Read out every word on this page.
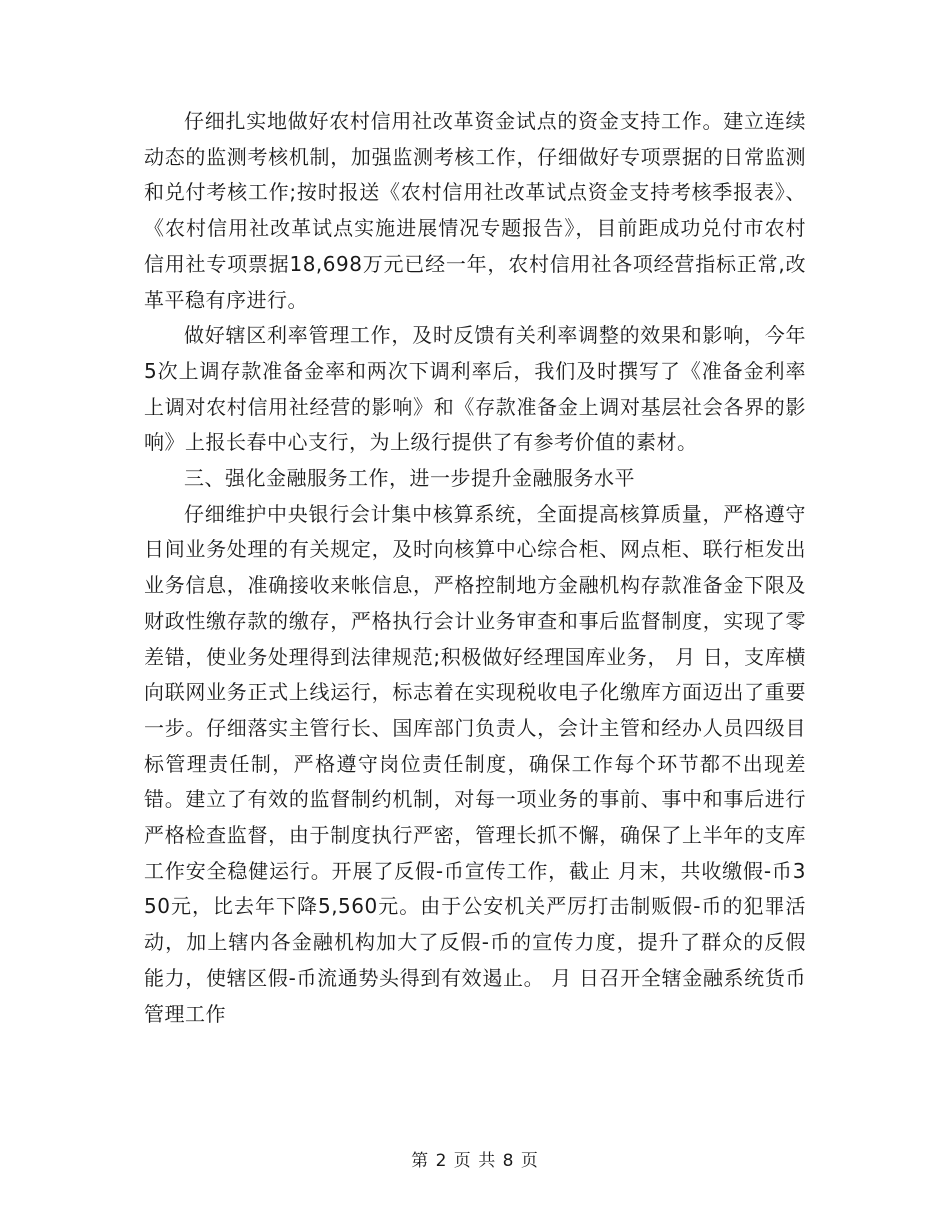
仔细扎实地做好农村信用社改革资金试点的资金支持工作。建立连续动态的监测考核机制，加强监测考核工作，仔细做好专项票据的日常监测和兑付考核工作;按时报送《农村信用社改革试点资金支持考核季报表》、《农村信用社改革试点实施进展情况专题报告》，目前距成功兑付市农村信用社专项票据18,698万元已经一年，农村信用社各项经营指标正常,改革平稳有序进行。

做好辖区利率管理工作，及时反馈有关利率调整的效果和影响，今年5次上调存款准备金率和两次下调利率后，我们及时撰写了《准备金利率上调对农村信用社经营的影响》和《存款准备金上调对基层社会各界的影响》上报长春中心支行，为上级行提供了有参考价值的素材。

三、强化金融服务工作，进一步提升金融服务水平

仔细维护中央银行会计集中核算系统，全面提高核算质量，严格遵守日间业务处理的有关规定，及时向核算中心综合柜、网点柜、联行柜发出业务信息，准确接收来帐信息，严格控制地方金融机构存款准备金下限及财政性缴存款的缴存，严格执行会计业务审查和事后监督制度，实现了零差错，使业务处理得到法律规范;积极做好经理国库业务， 月 日，支库横向联网业务正式上线运行，标志着在实现税收电子化缴库方面迈出了重要一步。仔细落实主管行长、国库部门负责人，会计主管和经办人员四级目标管理责任制，严格遵守岗位责任制度，确保工作每个环节都不出现差错。建立了有效的监督制约机制，对每一项业务的事前、事中和事后进行严格检查监督，由于制度执行严密，管理长抓不懈，确保了上半年的支库工作安全稳健运行。开展了反假-币宣传工作，截止 月末，共收缴假-币350元，比去年下降5,560元。由于公安机关严厉打击制贩假-币的犯罪活动，加上辖内各金融机构加大了反假-币的宣传力度，提升了群众的反假能力，使辖区假-币流通势头得到有效遏止。 月 日召开全辖金融系统货币管理工作

第 2 页 共 8 页
